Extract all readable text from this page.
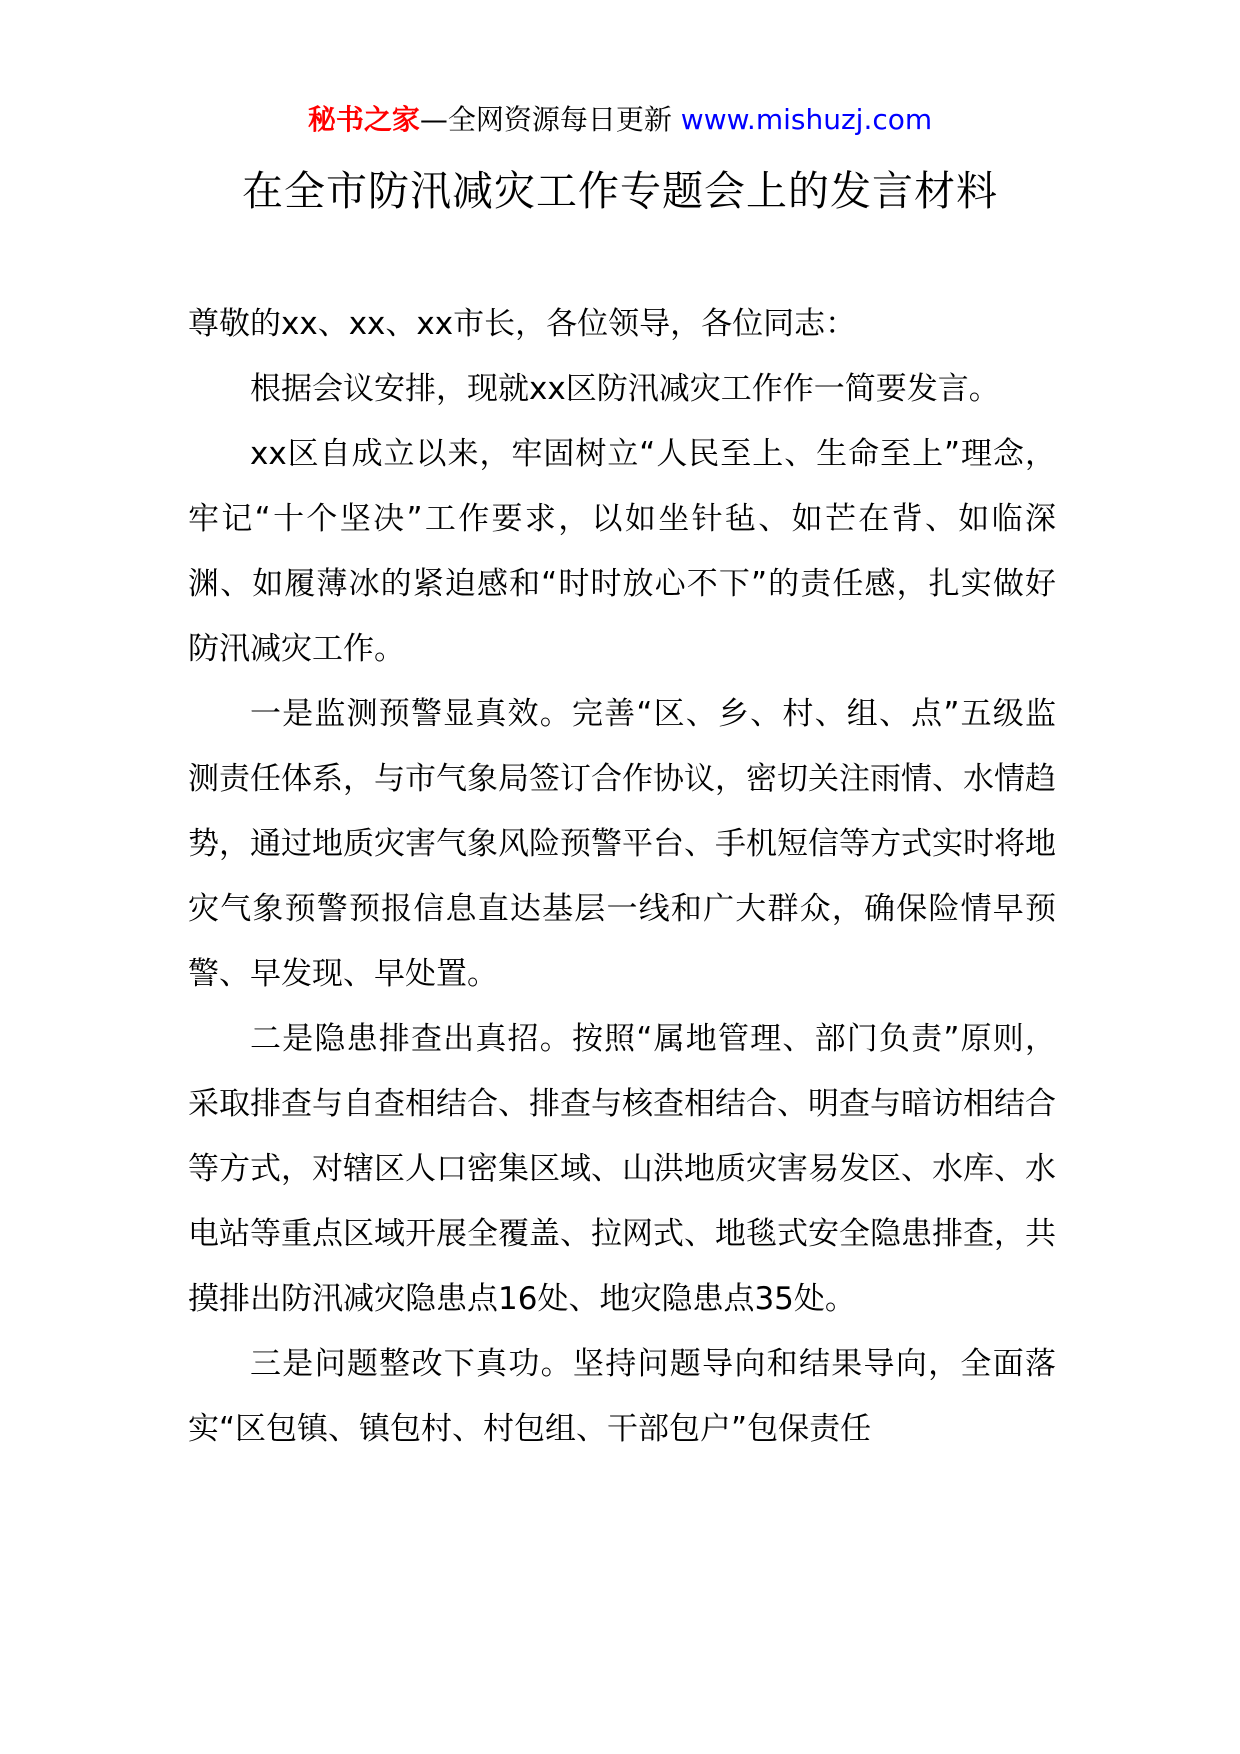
秘书之家—全网资源每日更新 www.mishuzj.com
在全市防汛减灾工作专题会上的发言材料

尊敬的xx、xx、xx市长，各位领导，各位同志：

根据会议安排，现就xx区防汛减灾工作作一简要发言。

xx区自成立以来，牢固树立“人民至上、生命至上”理念，牢记“十个坚决”工作要求，以如坐针毡、如芒在背、如临深渊、如履薄冰的紧迫感和“时时放心不下”的责任感，扎实做好防汛减灾工作。

一是监测预警显真效。完善“区、乡、村、组、点”五级监测责任体系，与市气象局签订合作协议，密切关注雨情、水情趋势，通过地质灾害气象风险预警平台、手机短信等方式实时将地灾气象预警预报信息直达基层一线和广大群众，确保险情早预警、早发现、早处置。

二是隐患排查出真招。按照“属地管理、部门负责”原则，采取排查与自查相结合、排查与核查相结合、明查与暗访相结合等方式，对辖区人口密集区域、山洪地质灾害易发区、水库、水电站等重点区域开展全覆盖、拉网式、地毯式安全隐患排查，共摸排出防汛减灾隐患点16处、地灾隐患点35处。

三是问题整改下真功。坚持问题导向和结果导向，全面落实“区包镇、镇包村、村包组、干部包户”包保责任
